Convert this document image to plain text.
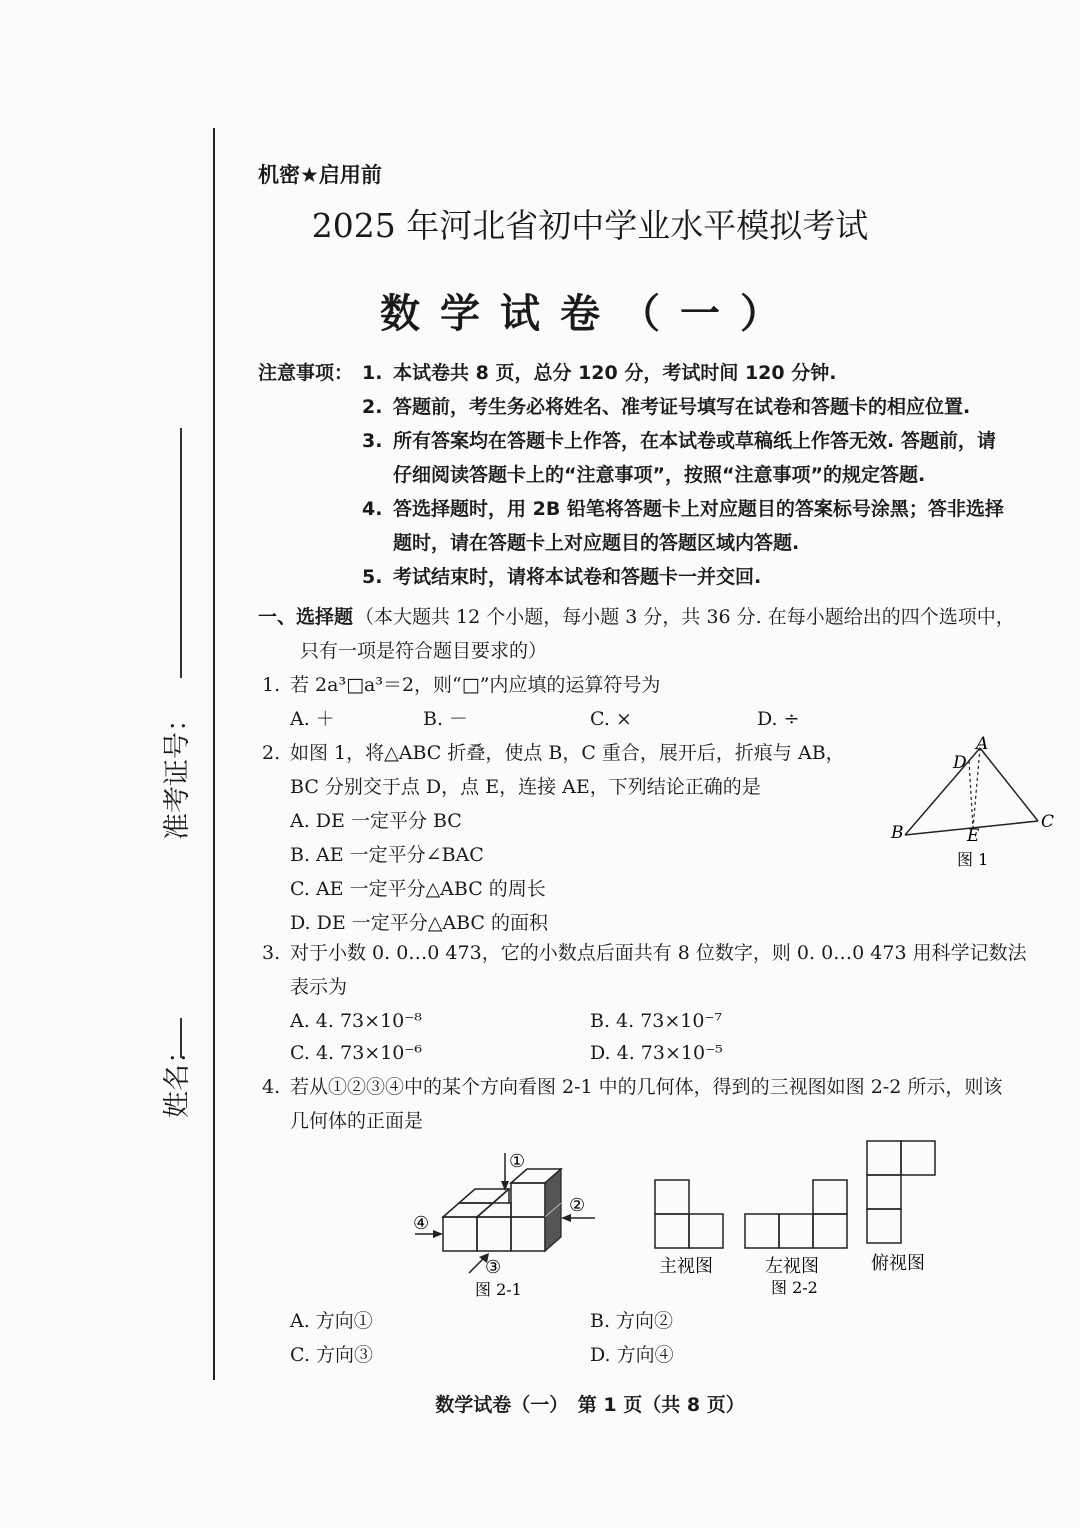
准考证号：
姓名：
机密★启用前
2025 年河北省初中学业水平模拟考试
数学试卷（一）
注意事项： 1. 本试卷共 8 页，总分 120 分，考试时间 120 分钟.
2. 答题前，考生务必将姓名、准考证号填写在试卷和答题卡的相应位置.
3. 所有答案均在答题卡上作答，在本试卷或草稿纸上作答无效. 答题前，请
仔细阅读答题卡上的“注意事项”，按照“注意事项”的规定答题.
4. 答选择题时，用 2B 铅笔将答题卡上对应题目的答案标号涂黑；答非选择
题时，请在答题卡上对应题目的答题区域内答题.
5. 考试结束时，请将本试卷和答题卡一并交回.
一、选择题 （本大题共 12 个小题，每小题 3 分，共 36 分. 在每小题给出的四个选项中，
只有一项是符合题目要求的）
1. 若 2a³□a³＝2，则“□”内应填的运算符号为
A. ＋	B. －	C. ×	D. ÷
2. 如图 1，将△ABC 折叠，使点 B，C 重合，展开后，折痕与 AB，
BC 分别交于点 D，点 E，连接 AE，下列结论正确的是
A. DE 一定平分 BC
B. AE 一定平分∠BAC
C. AE 一定平分△ABC 的周长
D. DE 一定平分△ABC 的面积
A
D
B
C
E
图 1
3. 对于小数 0. 0…0 473，它的小数点后面共有 8 位数字，则 0. 0…0 473 用科学记数法
表示为
A. 4. 73×10⁻⁸	B. 4. 73×10⁻⁷
C. 4. 73×10⁻⁶	D. 4. 73×10⁻⁵
4. 若从①②③④中的某个方向看图 2-1 中的几何体，得到的三视图如图 2-2 所示，则该
几何体的正面是
①
②
④
③
图 2-1
主视图	左视图	俯视图
图 2-2
A. 方向①	B. 方向②
C. 方向③	D. 方向④
数学试卷（一）　第 1 页（共 8 页）
